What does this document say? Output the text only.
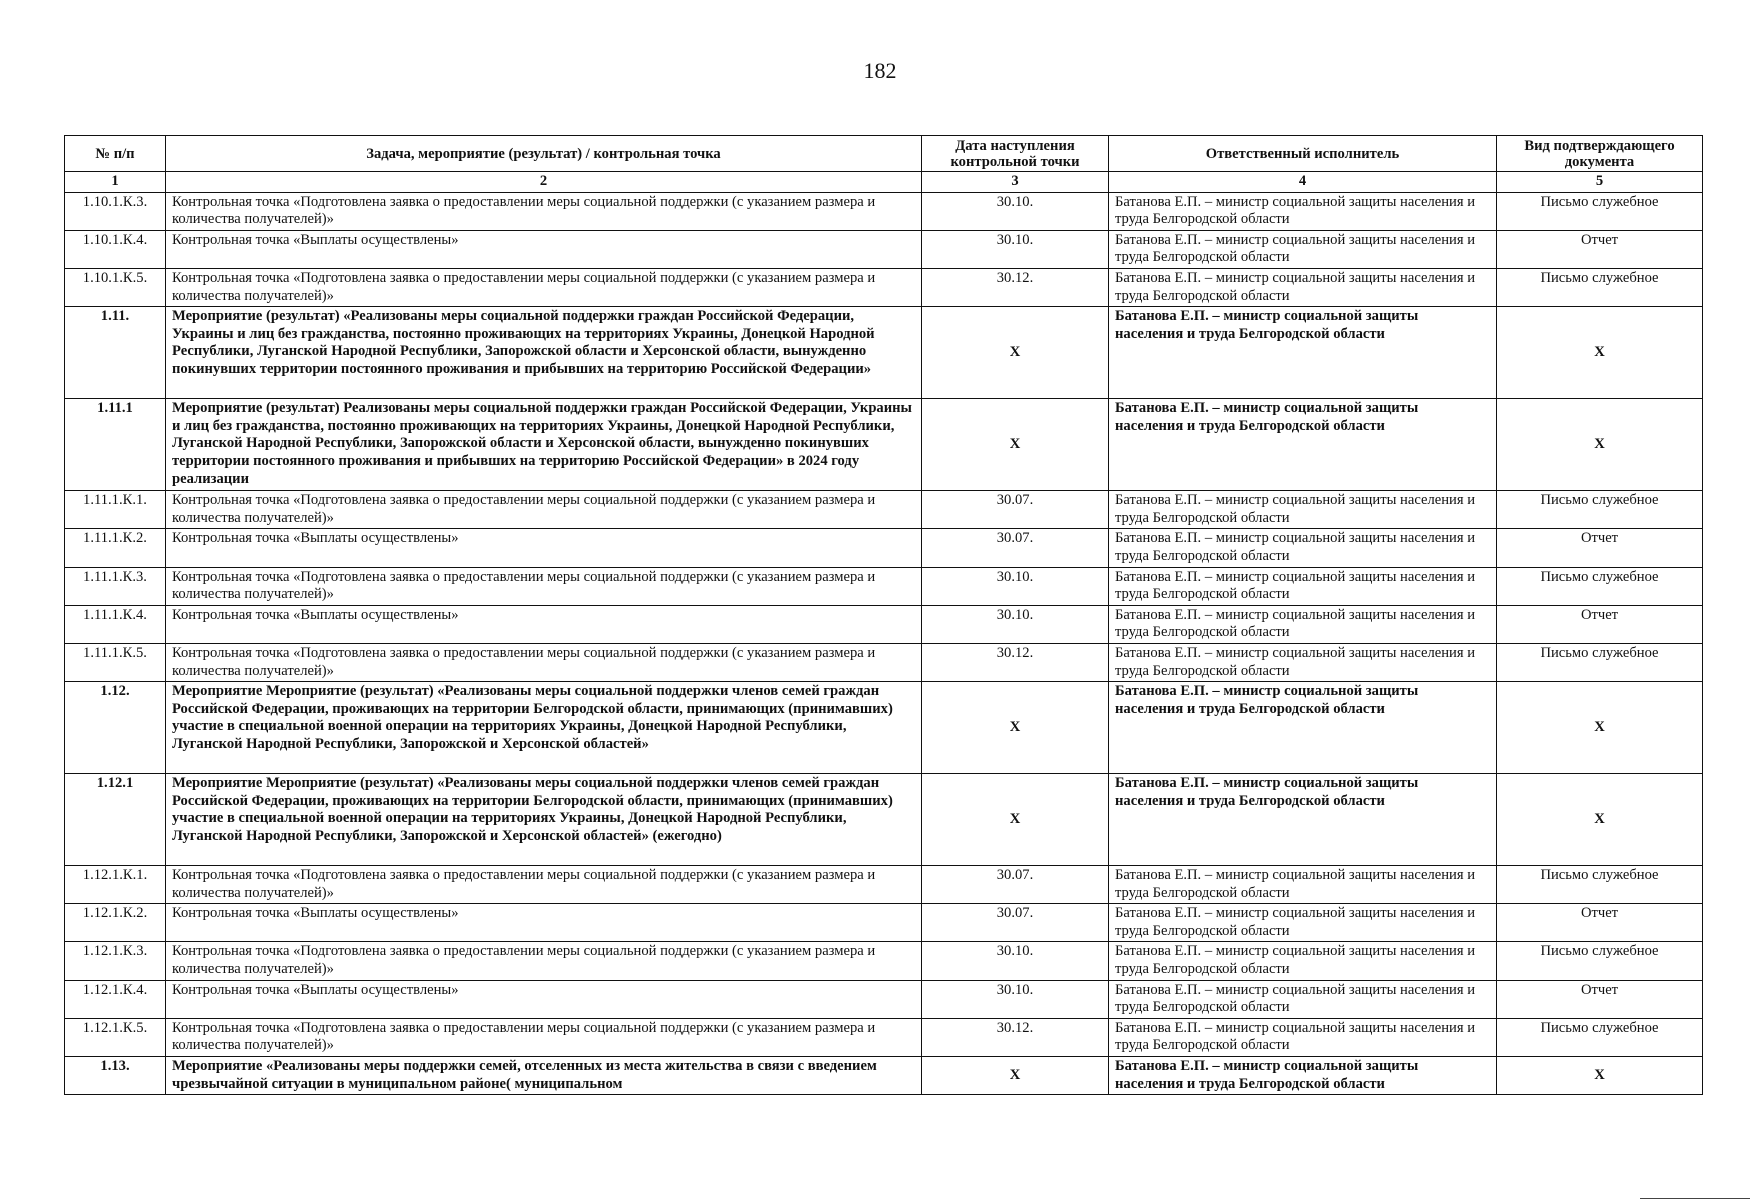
182
№ п/п	Задача, мероприятие (результат) / контрольная точка	Дата наступления контрольной точки	Ответственный исполнитель	Вид подтверждающего документа
1	2	3	4	5
1.10.1.К.3.	Контрольная точка «Подготовлена заявка о предоставлении меры социальной поддержки (с указанием размера и количества получателей)»	30.10.	Батанова Е.П. – министр социальной защиты населения и труда Белгородской области	Письмо служебное
1.10.1.К.4.	Контрольная точка «Выплаты осуществлены»	30.10.	Батанова Е.П. – министр социальной защиты населения и труда Белгородской области	Отчет
1.10.1.К.5.	Контрольная точка «Подготовлена заявка о предоставлении меры социальной поддержки (с указанием размера и количества получателей)»	30.12.	Батанова Е.П. – министр социальной защиты населения и труда Белгородской области	Письмо служебное
1.11.	Мероприятие (результат) «Реализованы меры социальной поддержки граждан Российской Федерации, Украины и лиц без гражданства, постоянно проживающих на территориях Украины, Донецкой Народной Республики, Луганской Народной Республики, Запорожской области и Херсонской области, вынужденно покинувших территории постоянного проживания и прибывших на территорию Российской Федерации»	Х	Батанова Е.П. – министр социальной защиты населения и труда Белгородской области	Х
1.11.1	Мероприятие (результат) Реализованы меры социальной поддержки граждан Российской Федерации, Украины и лиц без гражданства, постоянно проживающих на территориях Украины, Донецкой Народной Республики, Луганской Народной Республики, Запорожской области и Херсонской области, вынужденно покинувших территории постоянного проживания и прибывших на территорию Российской Федерации» в 2024 году реализации	Х	Батанова Е.П. – министр социальной защиты населения и труда Белгородской области	Х
1.11.1.К.1.	Контрольная точка «Подготовлена заявка о предоставлении меры социальной поддержки (с указанием размера и количества получателей)»	30.07.	Батанова Е.П. – министр социальной защиты населения и труда Белгородской области	Письмо служебное
1.11.1.К.2.	Контрольная точка «Выплаты осуществлены»	30.07.	Батанова Е.П. – министр социальной защиты населения и труда Белгородской области	Отчет
1.11.1.К.3.	Контрольная точка «Подготовлена заявка о предоставлении меры социальной поддержки (с указанием размера и количества получателей)»	30.10.	Батанова Е.П. – министр социальной защиты населения и труда Белгородской области	Письмо служебное
1.11.1.К.4.	Контрольная точка «Выплаты осуществлены»	30.10.	Батанова Е.П. – министр социальной защиты населения и труда Белгородской области	Отчет
1.11.1.К.5.	Контрольная точка «Подготовлена заявка о предоставлении меры социальной поддержки (с указанием размера и количества получателей)»	30.12.	Батанова Е.П. – министр социальной защиты населения и труда Белгородской области	Письмо служебное
1.12.	Мероприятие Мероприятие (результат) «Реализованы меры социальной поддержки членов семей граждан Российской Федерации, проживающих на территории Белгородской области, принимающих (принимавших) участие в специальной военной операции на территориях Украины, Донецкой Народной Республики, Луганской Народной Республики, Запорожской и Херсонской областей»	Х	Батанова Е.П. – министр социальной защиты населения и труда Белгородской области	Х
1.12.1	Мероприятие Мероприятие (результат) «Реализованы меры социальной поддержки членов семей граждан Российской Федерации, проживающих на территории Белгородской области, принимающих (принимавших) участие в специальной военной операции на территориях Украины, Донецкой Народной Республики, Луганской Народной Республики, Запорожской и Херсонской областей» (ежегодно)	Х	Батанова Е.П. – министр социальной защиты населения и труда Белгородской области	Х
1.12.1.К.1.	Контрольная точка «Подготовлена заявка о предоставлении меры социальной поддержки (с указанием размера и количества получателей)»	30.07.	Батанова Е.П. – министр социальной защиты населения и труда Белгородской области	Письмо служебное
1.12.1.К.2.	Контрольная точка «Выплаты осуществлены»	30.07.	Батанова Е.П. – министр социальной защиты населения и труда Белгородской области	Отчет
1.12.1.К.3.	Контрольная точка «Подготовлена заявка о предоставлении меры социальной поддержки (с указанием размера и количества получателей)»	30.10.	Батанова Е.П. – министр социальной защиты населения и труда Белгородской области	Письмо служебное
1.12.1.К.4.	Контрольная точка «Выплаты осуществлены»	30.10.	Батанова Е.П. – министр социальной защиты населения и труда Белгородской области	Отчет
1.12.1.К.5.	Контрольная точка «Подготовлена заявка о предоставлении меры социальной поддержки (с указанием размера и количества получателей)»	30.12.	Батанова Е.П. – министр социальной защиты населения и труда Белгородской области	Письмо служебное
1.13.	Мероприятие «Реализованы меры поддержки семей, отселенных из места жительства в связи с введением чрезвычайной ситуации в муниципальном районе( муниципальном	Х	Батанова Е.П. – министр социальной защиты населения и труда Белгородской области	Х
